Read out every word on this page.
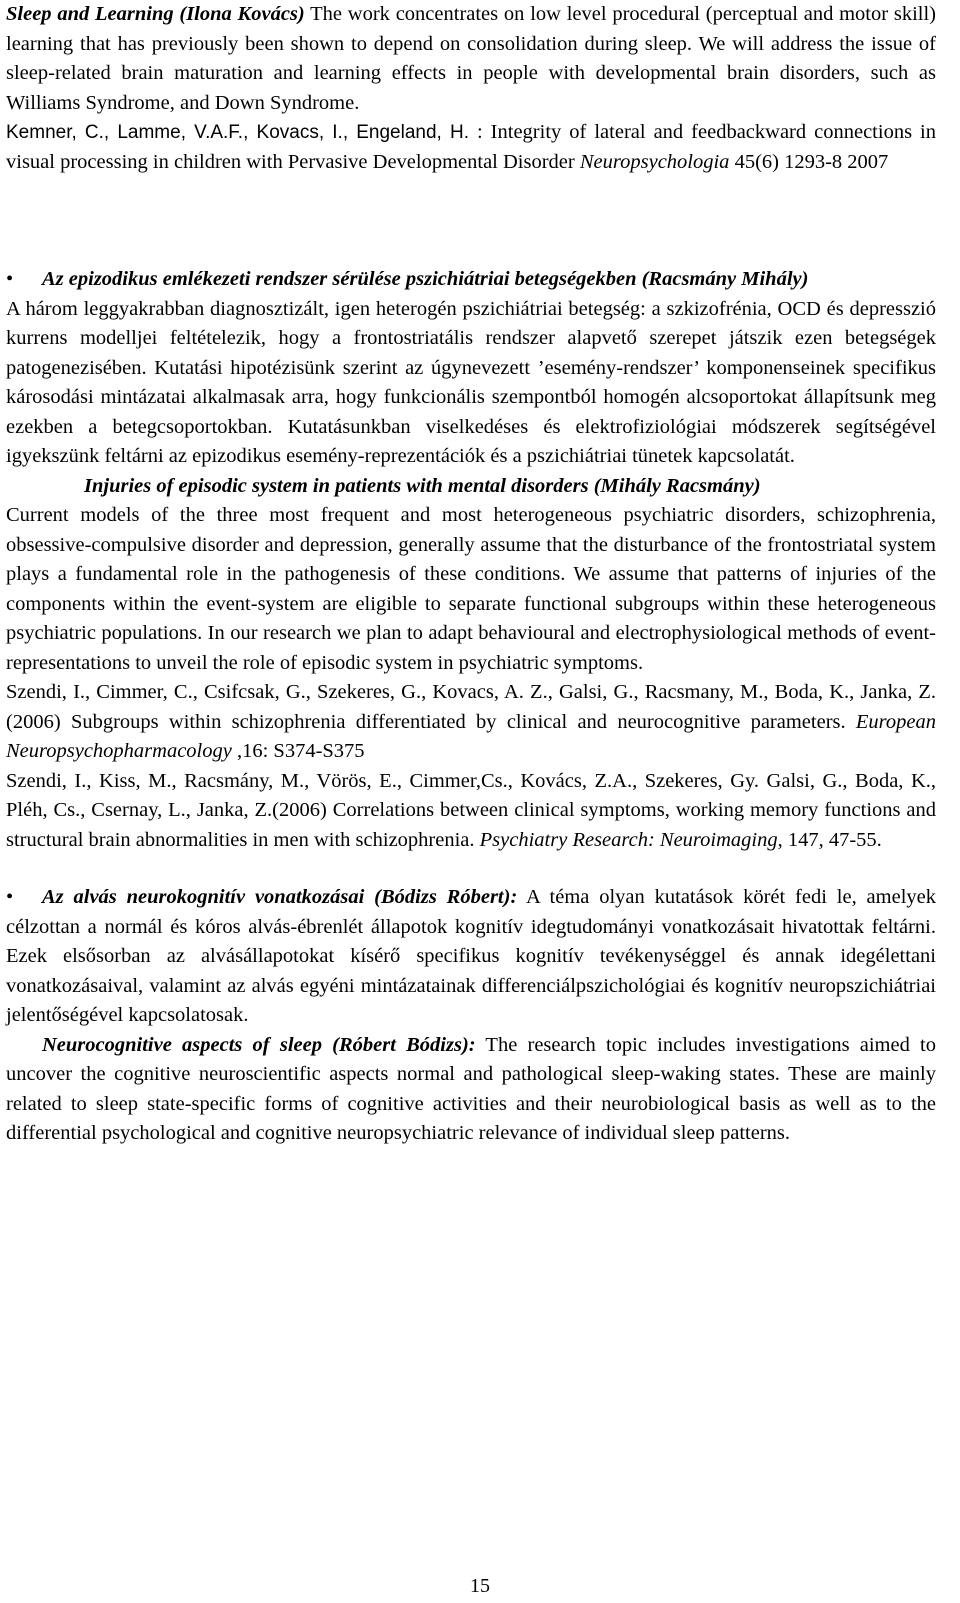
Sleep and Learning (Ilona Kovács) The work concentrates on low level procedural (perceptual and motor skill) learning that has previously been shown to depend on consolidation during sleep. We will address the issue of sleep-related brain maturation and learning effects in people with developmental brain disorders, such as Williams Syndrome, and Down Syndrome.

Kemner, C., Lamme, V.A.F., Kovacs, I., Engeland, H. : Integrity of lateral and feedbackward connections in visual processing in children with Pervasive Developmental Disorder Neuropsychologia 45(6) 1293-8 2007

• Az epizodikus emlékezeti rendszer sérülése pszichiátriai betegségekben (Racsmány Mihály)

A három leggyakrabban diagnosztizált, igen heterogén pszichiátriai betegség: a szkizofrénia, OCD és depresszió kurrens modelljei feltételezik, hogy a frontostriatális rendszer alapvető szerepet játszik ezen betegségek patogenezisében. Kutatási hipotézisünk szerint az úgynevezett ’esemény-rendszer’ komponenseinek specifikus károsodási mintázatai alkalmasak arra, hogy funkcionális szempontból homogén alcsoportokat állapítsunk meg ezekben a betegcsoportokban. Kutatásunkban viselkedéses és elektrofiziológiai módszerek segítségével igyekszünk feltárni az epizodikus esemény-reprezentációk és a pszichiátriai tünetek kapcsolatát.

Injuries of episodic system in patients with mental disorders (Mihály Racsmány)

Current models of the three most frequent and most heterogeneous psychiatric disorders, schizophrenia, obsessive-compulsive disorder and depression, generally assume that the disturbance of the frontostriatal system plays a fundamental role in the pathogenesis of these conditions. We assume that patterns of injuries of the components within the event-system are eligible to separate functional subgroups within these heterogeneous psychiatric populations. In our research we plan to adapt behavioural and electrophysiological methods of event-representations to unveil the role of episodic system in psychiatric symptoms.

Szendi, I., Cimmer, C., Csifcsak, G., Szekeres, G., Kovacs, A. Z., Galsi, G., Racsmany, M., Boda, K., Janka, Z. (2006) Subgroups within schizophrenia differentiated by clinical and neurocognitive parameters. European Neuropsychopharmacology ,16: S374-S375

Szendi, I., Kiss, M., Racsmány, M., Vörös, E., Cimmer,Cs., Kovács, Z.A., Szekeres, Gy. Galsi, G., Boda, K., Pléh, Cs., Csernay, L., Janka, Z.(2006) Correlations between clinical symptoms, working memory functions and structural brain abnormalities in men with schizophrenia. Psychiatry Research: Neuroimaging, 147, 47-55.

• Az alvás neurokognitív vonatkozásai (Bódizs Róbert): A téma olyan kutatások körét fedi le, amelyek célzottan a normál és kóros alvás-ébrenlét állapotok kognitív idegtudományi vonatkozásait hivatottak feltárni. Ezek elsősorban az alvásállapotokat kísérő specifikus kognitív tevékenységgel és annak idegélettani vonatkozásaival, valamint az alvás egyéni mintázatainak differenciálpszichológiai és kognitív neuropszichiátriai jelentőségével kapcsolatosak.

Neurocognitive aspects of sleep (Róbert Bódizs): The research topic includes investigations aimed to uncover the cognitive neuroscientific aspects normal and pathological sleep-waking states. These are mainly related to sleep state-specific forms of cognitive activities and their neurobiological basis as well as to the differential psychological and cognitive neuropsychiatric relevance of individual sleep patterns.

15
